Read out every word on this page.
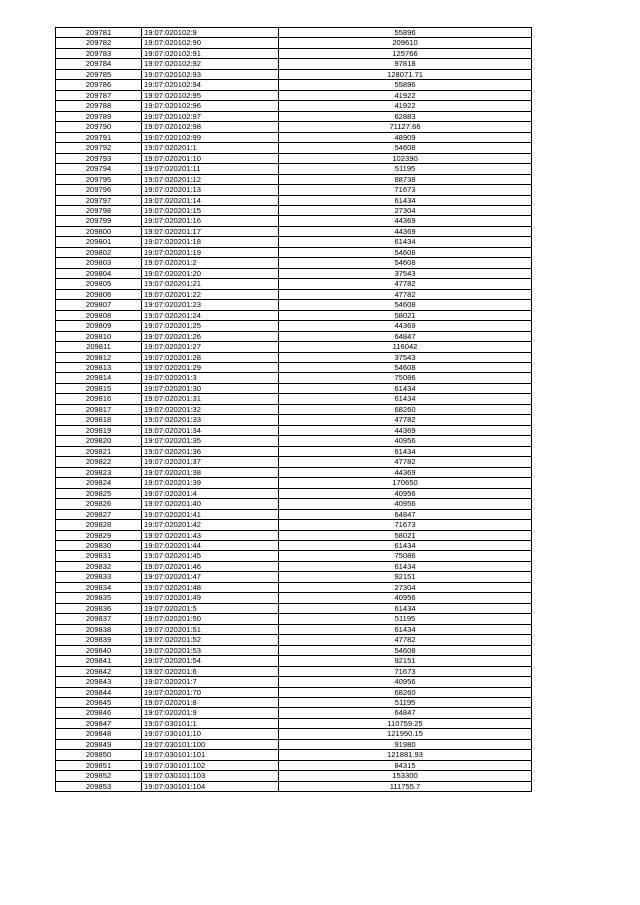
209781	19:07:020102:9	55896
209782	19:07:020102:90	209610
209783	19:07:020102:91	125766
209784	19:07:020102:92	97818
209785	19:07:020102:93	128071.71
209786	19:07:020102:94	55896
209787	19:07:020102:95	41922
209788	19:07:020102:96	41922
209789	19:07:020102:97	62883
209790	19:07:020102:98	71127.66
209791	19:07:020102:99	48909
209792	19:07:020201:1	54608
209793	19:07:020201:10	102390
209794	19:07:020201:11	51195
209795	19:07:020201:12	88738
209796	19:07:020201:13	71673
209797	19:07:020201:14	61434
209798	19:07:020201:15	27304
209799	19:07:020201:16	44369
209800	19:07:020201:17	44369
209801	19:07:020201:18	61434
209802	19:07:020201:19	54608
209803	19:07:020201:2	54608
209804	19:07:020201:20	37543
209805	19:07:020201:21	47782
209806	19:07:020201:22	47782
209807	19:07:020201:23	54608
209808	19:07:020201:24	58021
209809	19:07:020201:25	44369
209810	19:07:020201:26	64847
209811	19:07:020201:27	116042
209812	19:07:020201:28	37543
209813	19:07:020201:29	54608
209814	19:07:020201:3	75086
209815	19:07:020201:30	61434
209816	19:07:020201:31	61434
209817	19:07:020201:32	68260
209818	19:07:020201:33	47782
209819	19:07:020201:34	44369
209820	19:07:020201:35	40956
209821	19:07:020201:36	61434
209822	19:07:020201:37	47782
209823	19:07:020201:38	44369
209824	19:07:020201:39	170650
209825	19:07:020201:4	40956
209826	19:07:020201:40	40956
209827	19:07:020201:41	64847
209828	19:07:020201:42	71673
209829	19:07:020201:43	58021
209830	19:07:020201:44	61434
209831	19:07:020201:45	75086
209832	19:07:020201:46	61434
209833	19:07:020201:47	92151
209834	19:07:020201:48	27304
209835	19:07:020201:49	40956
209836	19:07:020201:5	61434
209837	19:07:020201:50	51195
209838	19:07:020201:51	61434
209839	19:07:020201:52	47782
209840	19:07:020201:53	54608
209841	19:07:020201:54	92151
209842	19:07:020201:6	71673
209843	19:07:020201:7	40956
209844	19:07:020201:70	68260
209845	19:07:020201:8	51195
209846	19:07:020201:9	64847
209847	19:07:030101:1	110759.25
209848	19:07:030101:10	121950.15
209849	19:07:030101:100	91980
209850	19:07:030101:101	121881.93
209851	19:07:030101:102	84315
209852	19:07:030101:103	153300
209853	19:07:030101:104	111755.7
